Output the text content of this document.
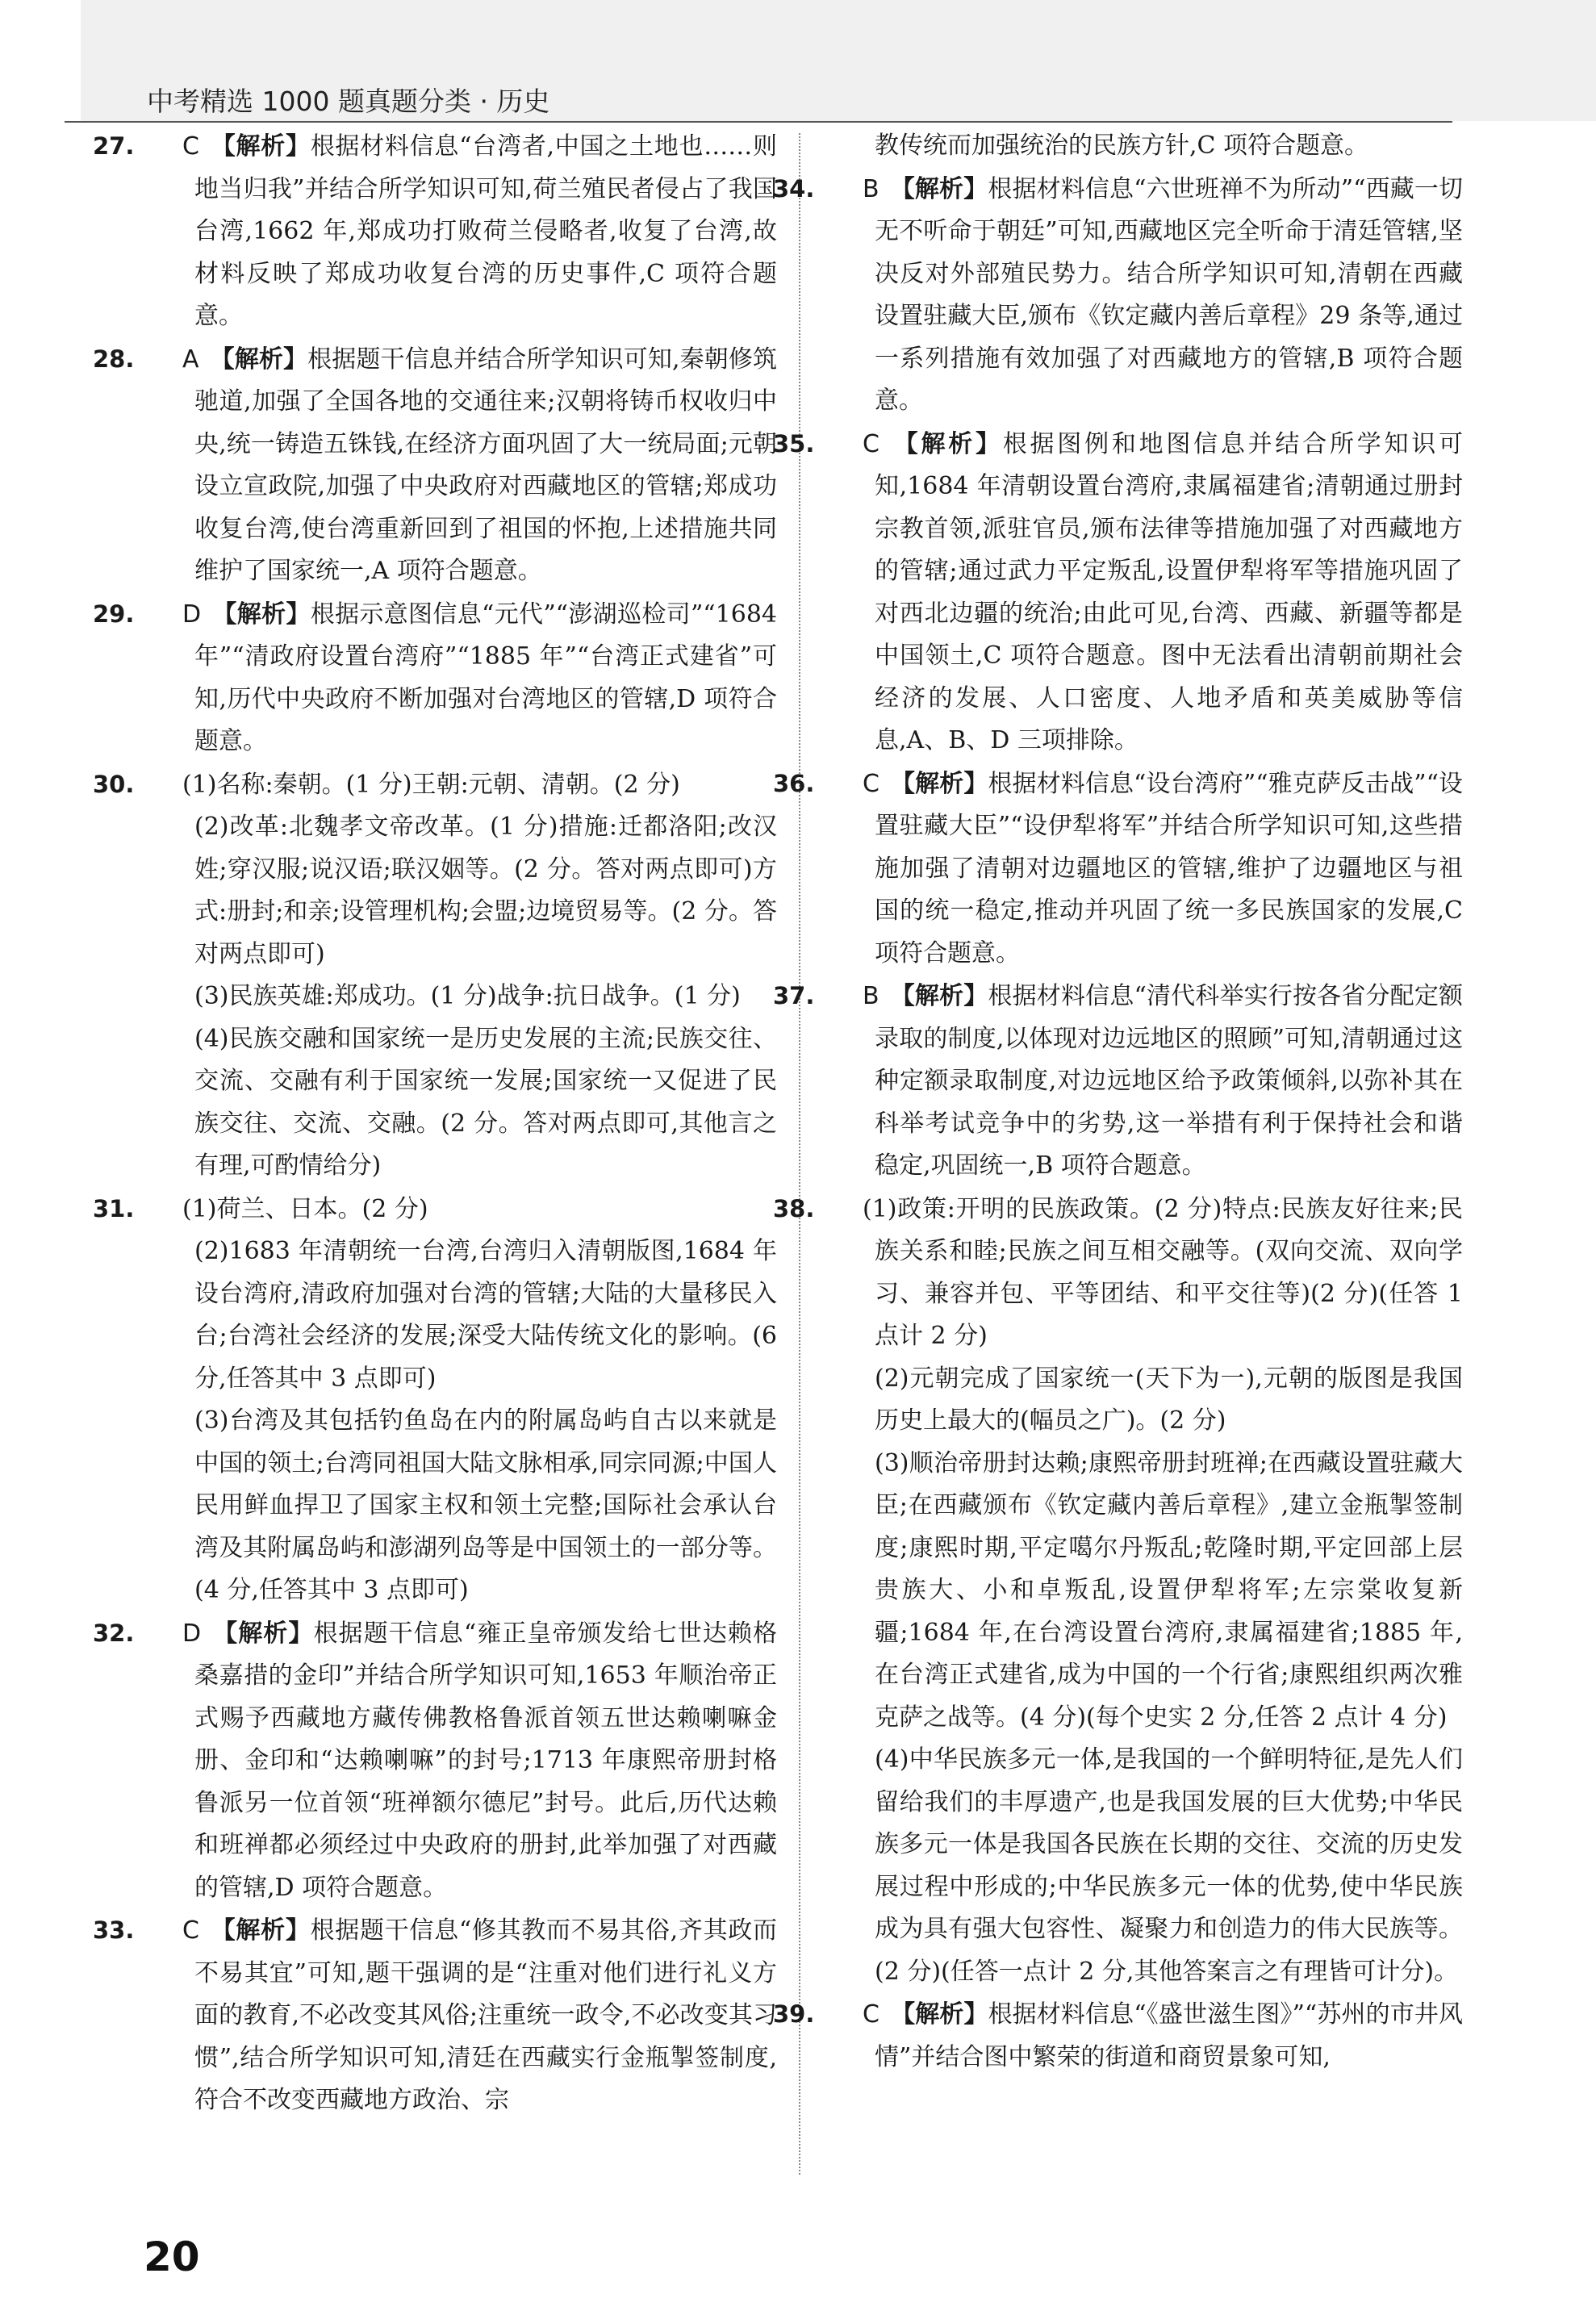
中考精选 1000 题真题分类 · 历史
27. C 【解析】根据材料信息“台湾者,中国之土地也……则地当归我”并结合所学知识可知,荷兰殖民者侵占了我国台湾,1662 年,郑成功打败荷兰侵略者,收复了台湾,故材料反映了郑成功收复台湾的历史事件,C 项符合题意。
28. A 【解析】根据题干信息并结合所学知识可知,秦朝修筑驰道,加强了全国各地的交通往来;汉朝将铸币权收归中央,统一铸造五铢钱,在经济方面巩固了大一统局面;元朝设立宣政院,加强了中央政府对西藏地区的管辖;郑成功收复台湾,使台湾重新回到了祖国的怀抱,上述措施共同维护了国家统一,A 项符合题意。
29. D 【解析】根据示意图信息“元代”“澎湖巡检司”“1684 年”“清政府设置台湾府”“1885 年”“台湾正式建省”可知,历代中央政府不断加强对台湾地区的管辖,D 项符合题意。
30. (1)名称:秦朝。(1 分)王朝:元朝、清朝。(2 分)
(2)改革:北魏孝文帝改革。(1 分)措施:迁都洛阳;改汉姓;穿汉服;说汉语;联汉姻等。(2 分。答对两点即可)方式:册封;和亲;设管理机构;会盟;边境贸易等。(2 分。答对两点即可)
(3)民族英雄:郑成功。(1 分)战争:抗日战争。(1 分)
(4)民族交融和国家统一是历史发展的主流;民族交往、交流、交融有利于国家统一发展;国家统一又促进了民族交往、交流、交融。(2 分。答对两点即可,其他言之有理,可酌情给分)
31. (1)荷兰、日本。(2 分)
(2)1683 年清朝统一台湾,台湾归入清朝版图,1684 年设台湾府,清政府加强对台湾的管辖;大陆的大量移民入台;台湾社会经济的发展;深受大陆传统文化的影响。(6 分,任答其中 3 点即可)
(3)台湾及其包括钓鱼岛在内的附属岛屿自古以来就是中国的领土;台湾同祖国大陆文脉相承,同宗同源;中国人民用鲜血捍卫了国家主权和领土完整;国际社会承认台湾及其附属岛屿和澎湖列岛等是中国领土的一部分等。(4 分,任答其中 3 点即可)
32. D 【解析】根据题干信息“雍正皇帝颁发给七世达赖格桑嘉措的金印”并结合所学知识可知,1653 年顺治帝正式赐予西藏地方藏传佛教格鲁派首领五世达赖喇嘛金册、金印和“达赖喇嘛”的封号;1713 年康熙帝册封格鲁派另一位首领“班禅额尔德尼”封号。此后,历代达赖和班禅都必须经过中央政府的册封,此举加强了对西藏的管辖,D 项符合题意。
33. C 【解析】根据题干信息“修其教而不易其俗,齐其政而不易其宜”可知,题干强调的是“注重对他们进行礼义方面的教育,不必改变其风俗;注重统一政令,不必改变其习惯”,结合所学知识可知,清廷在西藏实行金瓶掣签制度,符合不改变西藏地方政治、宗
教传统而加强统治的民族方针,C 项符合题意。
34. B 【解析】根据材料信息“六世班禅不为所动”“西藏一切无不听命于朝廷”可知,西藏地区完全听命于清廷管辖,坚决反对外部殖民势力。结合所学知识可知,清朝在西藏设置驻藏大臣,颁布《钦定藏内善后章程》29 条等,通过一系列措施有效加强了对西藏地方的管辖,B 项符合题意。
35. C 【解析】根据图例和地图信息并结合所学知识可知,1684 年清朝设置台湾府,隶属福建省;清朝通过册封宗教首领,派驻官员,颁布法律等措施加强了对西藏地方的管辖;通过武力平定叛乱,设置伊犁将军等措施巩固了对西北边疆的统治;由此可见,台湾、西藏、新疆等都是中国领土,C 项符合题意。图中无法看出清朝前期社会经济的发展、人口密度、人地矛盾和英美威胁等信息,A、B、D 三项排除。
36. C 【解析】根据材料信息“设台湾府”“雅克萨反击战”“设置驻藏大臣”“设伊犁将军”并结合所学知识可知,这些措施加强了清朝对边疆地区的管辖,维护了边疆地区与祖国的统一稳定,推动并巩固了统一多民族国家的发展,C 项符合题意。
37. B 【解析】根据材料信息“清代科举实行按各省分配定额录取的制度,以体现对边远地区的照顾”可知,清朝通过这种定额录取制度,对边远地区给予政策倾斜,以弥补其在科举考试竞争中的劣势,这一举措有利于保持社会和谐稳定,巩固统一,B 项符合题意。
38. (1)政策:开明的民族政策。(2 分)特点:民族友好往来;民族关系和睦;民族之间互相交融等。(双向交流、双向学习、兼容并包、平等团结、和平交往等)(2 分)(任答 1 点计 2 分)
(2)元朝完成了国家统一(天下为一),元朝的版图是我国历史上最大的(幅员之广)。(2 分)
(3)顺治帝册封达赖;康熙帝册封班禅;在西藏设置驻藏大臣;在西藏颁布《钦定藏内善后章程》,建立金瓶掣签制度;康熙时期,平定噶尔丹叛乱;乾隆时期,平定回部上层贵族大、小和卓叛乱,设置伊犁将军;左宗棠收复新疆;1684 年,在台湾设置台湾府,隶属福建省;1885 年,在台湾正式建省,成为中国的一个行省;康熙组织两次雅克萨之战等。(4 分)(每个史实 2 分,任答 2 点计 4 分)
(4)中华民族多元一体,是我国的一个鲜明特征,是先人们留给我们的丰厚遗产,也是我国发展的巨大优势;中华民族多元一体是我国各民族在长期的交往、交流的历史发展过程中形成的;中华民族多元一体的优势,使中华民族成为具有强大包容性、凝聚力和创造力的伟大民族等。(2 分)(任答一点计 2 分,其他答案言之有理皆可计分)。
39. C 【解析】根据材料信息“《盛世滋生图》”“苏州的市井风情”并结合图中繁荣的街道和商贸景象可知,
20
